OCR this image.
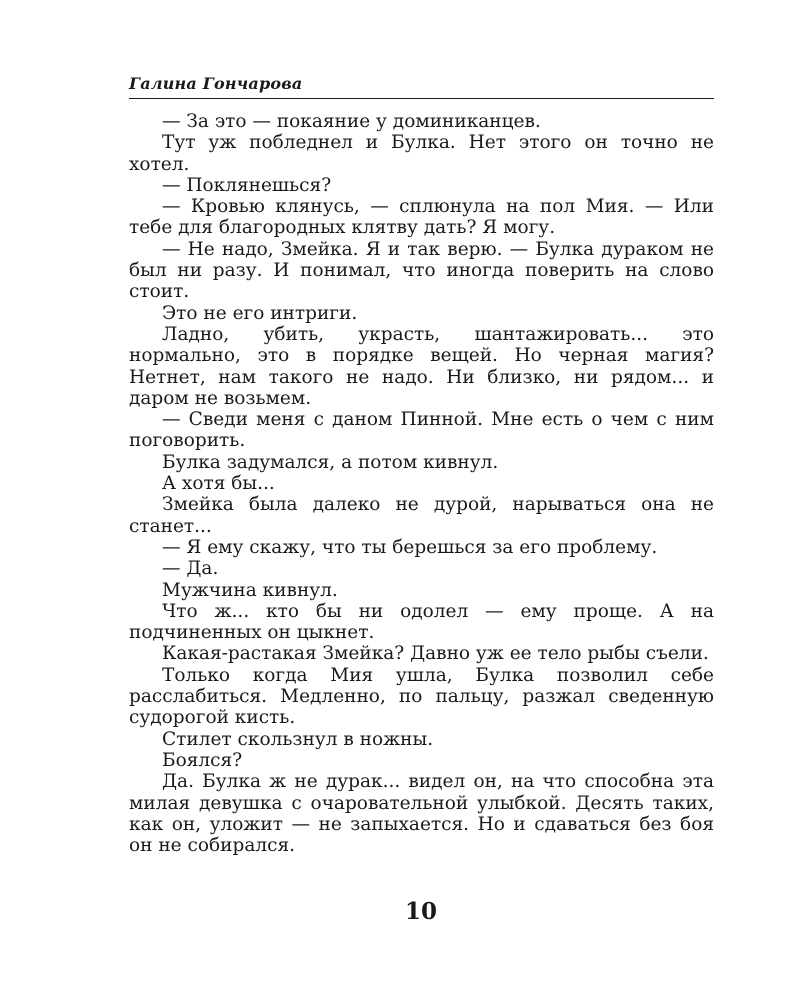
Галина Гончарова

— За это — покаяние у доминиканцев.

Тут уж побледнел и Булка. Нет этого он точно не хотел.

— Поклянешься?

— Кровью клянусь, — сплюнула на пол Мия. — Или тебе для благородных клятву дать? Я могу.

— Не надо, Змейка. Я и так верю. — Булка дураком не был ни разу. И понимал, что иногда поверить на слово стоит.

Это не его интриги.

Ладно, убить, украсть, шантажировать... это нормально, это в порядке вещей. Но черная магия? Нетнет, нам такого не надо. Ни близко, ни рядом... и даром не возьмем.

— Сведи меня с даном Пинной. Мне есть о чем с ним поговорить.

Булка задумался, а потом кивнул.

А хотя бы...

Змейка была далеко не дурой, нарываться она не станет...

— Я ему скажу, что ты берешься за его проблему.

— Да.

Мужчина кивнул.

Что ж... кто бы ни одолел — ему проще. А на подчиненных он цыкнет.

Какая-растакая Змейка? Давно уж ее тело рыбы съели.

Только когда Мия ушла, Булка позволил себе расслабиться. Медленно, по пальцу, разжал сведенную судорогой кисть.

Стилет скользнул в ножны.

Боялся?

Да. Булка ж не дурак... видел он, на что способна эта милая девушка с очаровательной улыбкой. Десять таких, как он, уложит — не запыхается. Но и сдаваться без боя он не собирался.

10
